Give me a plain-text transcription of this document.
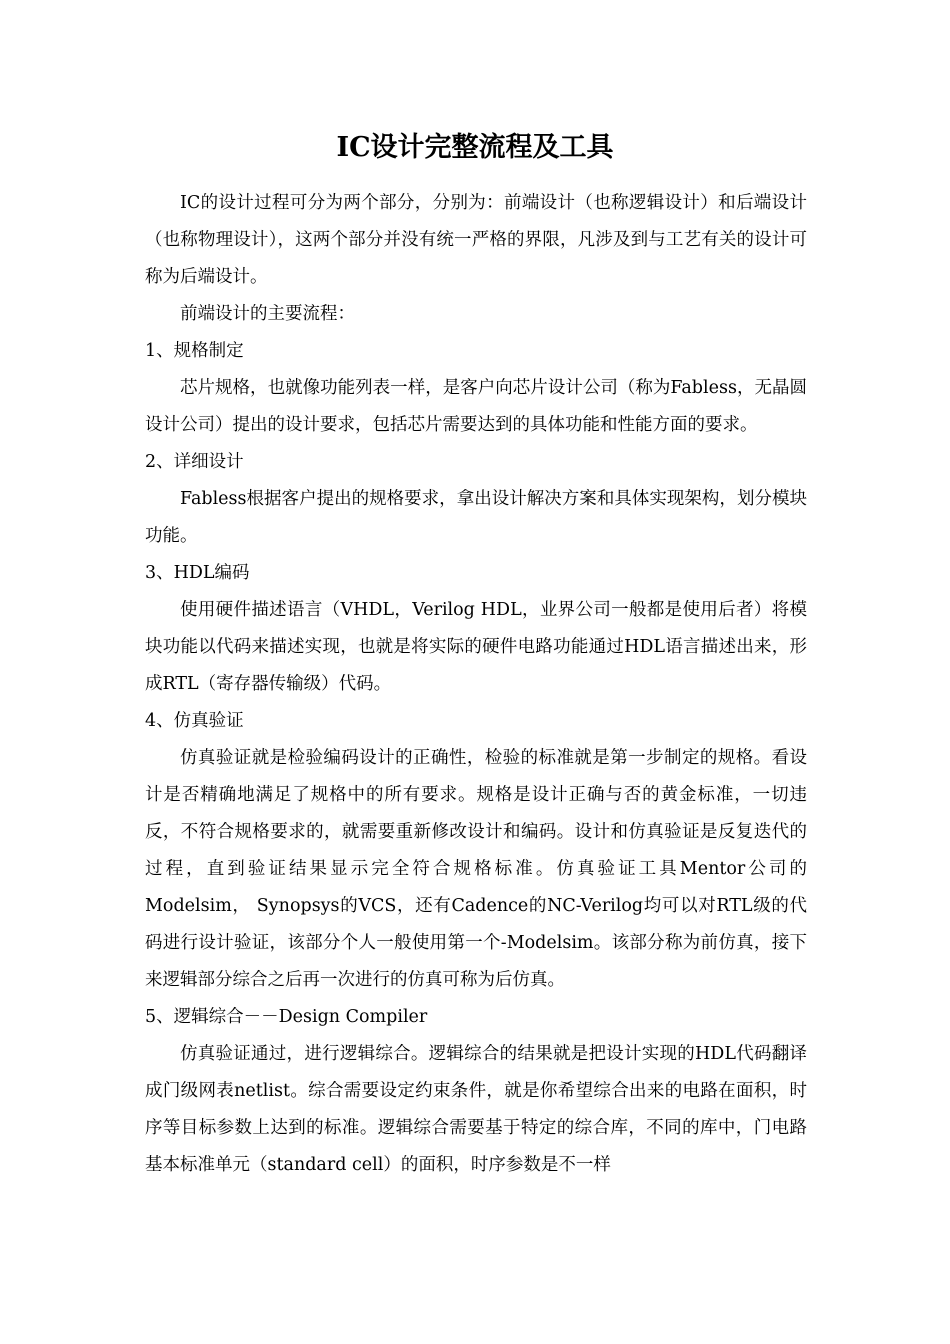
IC设计完整流程及工具

IC的设计过程可分为两个部分，分别为：前端设计（也称逻辑设计）和后端设计（也称物理设计），这两个部分并没有统一严格的界限，凡涉及到与工艺有关的设计可称为后端设计。

前端设计的主要流程：

1、规格制定

芯片规格，也就像功能列表一样，是客户向芯片设计公司（称为Fabless，无晶圆设计公司）提出的设计要求，包括芯片需要达到的具体功能和性能方面的要求。

2、详细设计

Fabless根据客户提出的规格要求，拿出设计解决方案和具体实现架构，划分模块功能。

3、HDL编码

使用硬件描述语言（VHDL，Verilog HDL，业界公司一般都是使用后者）将模块功能以代码来描述实现，也就是将实际的硬件电路功能通过HDL语言描述出来，形成RTL（寄存器传输级）代码。

4、仿真验证

仿真验证就是检验编码设计的正确性，检验的标准就是第一步制定的规格。看设计是否精确地满足了规格中的所有要求。规格是设计正确与否的黄金标准，一切违反，不符合规格要求的，就需要重新修改设计和编码。设计和仿真验证是反复迭代的过程，直到验证结果显示完全符合规格标准。仿真验证工具Mentor公司的Modelsim， Synopsys的VCS，还有Cadence的NC-Verilog均可以对RTL级的代码进行设计验证，该部分个人一般使用第一个-Modelsim。该部分称为前仿真，接下来逻辑部分综合之后再一次进行的仿真可称为后仿真。

5、逻辑综合－－Design Compiler

仿真验证通过，进行逻辑综合。逻辑综合的结果就是把设计实现的HDL代码翻译成门级网表netlist。综合需要设定约束条件，就是你希望综合出来的电路在面积，时序等目标参数上达到的标准。逻辑综合需要基于特定的综合库，不同的库中，门电路基本标准单元（standard cell）的面积，时序参数是不一样
